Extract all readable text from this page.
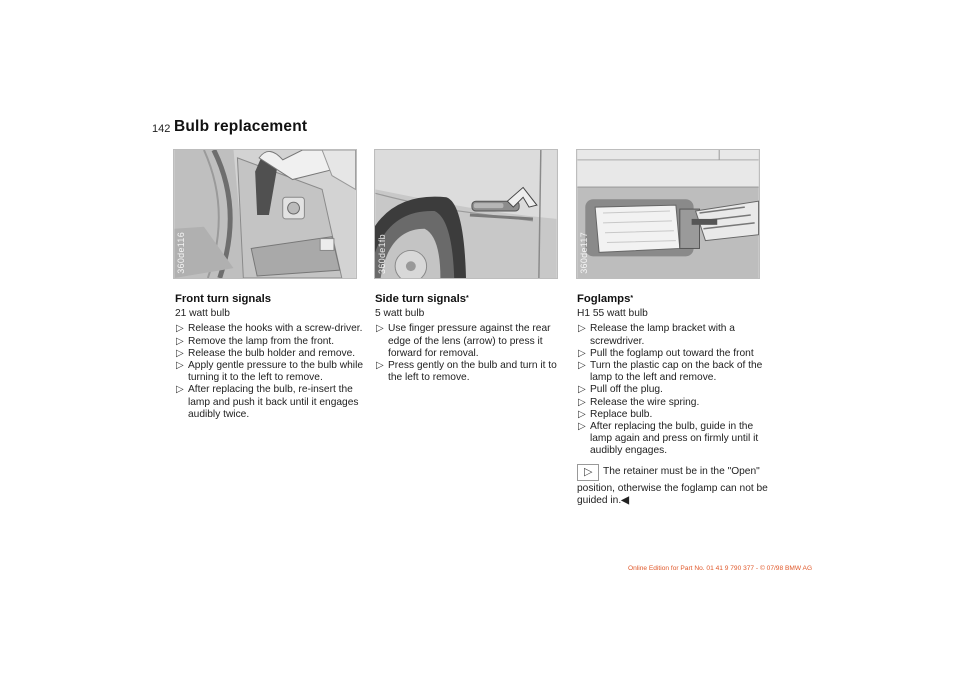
142 Bulb replacement
360de116	360de1fb	360de117
Front turn signals
21 watt bulb
▷ Release the hooks with a screw-driver.
▷ Remove the lamp from the front.
▷ Release the bulb holder and remove.
▷ Apply gentle pressure to the bulb while turning it to the left to remove.
▷ After replacing the bulb, re-insert the lamp and push it back until it engages audibly twice.
Side turn signals*
5 watt bulb
▷ Use finger pressure against the rear edge of the lens (arrow) to press it forward for removal.
▷ Press gently on the bulb and turn it to the left to remove.
Foglamps*
H1 55 watt bulb
▷ Release the lamp bracket with a screwdriver.
▷ Pull the foglamp out toward the front
▷ Turn the plastic cap on the back of the lamp to the left and remove.
▷ Pull off the plug.
▷ Release the wire spring.
▷ Replace bulb.
▷ After replacing the bulb, guide in the lamp again and press on firmly until it audibly engages.
▷ The retainer must be in the "Open" position, otherwise the foglamp can not be guided in.◀
Online Edition for Part No. 01 41 9 790 377 - © 07/98 BMW AG
